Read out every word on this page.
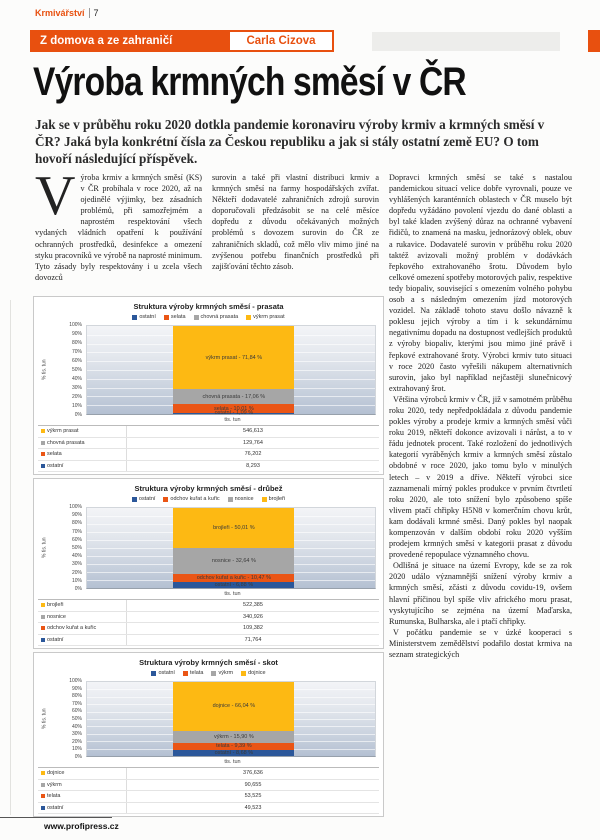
Krmivářství 7
Z domova a ze zahraničí	Carla Cizova
Výroba krmných směsí v ČR
Jak se v průběhu roku 2020 dotkla pandemie koronaviru výroby krmiv a krmných směsí v ČR? Jaká byla konkrétní čísla za Českou republiku a jak si stály ostatní země EU? O tom hovoří následující příspěvek.
Výroba krmiv a krmných směsí (KS) v ČR probíhala v roce 2020, až na ojedinělé výjimky, bez zásadních problémů, při samozřejmém a naprostém respektování všech vydaných vládních opatření k používání ochranných prostředků, desinfekce a omezení styku pracovníků ve výrobě na naprosté minimum. Tyto zásady byly respektovány i u zcela všech dovozců
surovin a také při vlastní distribuci krmiv a krmných směsí na farmy hospodářských zvířat. Někteří dodavatelé zahraničních zdrojů surovin doporučovali předzásobit se na celé měsíce dopředu z důvodu očekávaných možných problémů s dovozem surovin do ČR ze zahraničních skladů, což mělo vliv mimo jiné na zvýšenou potřebu finančních prostředků při zajišťování těchto zásob.

Dopravci krmných směsí se také s nastalou pandemickou situací velice dobře vyrovnali, pouze ve vyhlášených karanténních oblastech v ČR muselo být dopředu vyžádáno povolení vjezdu do dané oblasti a byl také kladen zvýšený důraz na ochranné vybavení řidičů, to znamená na masku, jednorázový oblek, obuv a rukavice. Dodavatelé surovin v průběhu roku 2020 taktéž avizovali možný problém v dodávkách řepkového extrahovaného šrotu. Důvodem bylo celkové omezení spotřeby motorových paliv, respektive tedy biopaliv, související s omezením volného pohybu osob a s následným omezením jízd motorových vozidel. Na základě tohoto stavu došlo návazně k poklesu jejich výroby a tím i k sekundárnímu negativnímu dopadu na dostupnost vedlejších produktů z výroby biopaliv, kterými jsou mimo jiné právě i řepkové extrahované šroty. Výrobci krmiv tuto situaci v roce 2020 často vyřešili nákupem alternativních surovin, jako byl například nejčastěji slunečnicový extrahovaný šrot.

Většina výrobců krmiv v ČR, již v samotném průběhu roku 2020, tedy nepředpokládala z důvodu pandemie pokles výroby a prodeje krmiv a krmných směsí vůči roku 2019, někteří dokonce avizovali i nárůst, a to v řádu jednotek procent. Také rozložení do jednotlivých kategorií vyráběných krmiv a krmných směsí zůstalo obdobné v roce 2020, jako tomu bylo v minulých letech – v 2019 a dříve. Někteří výrobci sice zaznamenali mírný pokles produkce v prvním čtvrtletí roku 2020, ale toto snížení bylo způsobeno spíše vlivem ptačí chřipky H5N8 v komerčním chovu krůt, kam dodávali krmné směsi. Daný pokles byl naopak kompenzován v dalším období roku 2020 vyšším prodejem krmných směsí v kategorii prasat z důvodu provedené repopulace významného chovu.

Odlišná je situace na území Evropy, kde se za rok 2020 událo významnější snížení výroby krmiv a krmných směsí, zčásti z důvodu covidu-19, ovšem hlavní příčinou byl spíše vliv afrického moru prasat, vyskytujícího se zejména na území Maďarska, Rumunska, Bulharska, ale i ptačí chřipky.

V počátku pandemie se v úzké kooperaci s Ministerstvem zemědělství podařilo dostat krmiva na seznam strategických

Struktura výroby krmných směsí - prasata
ostatní	selata	chovná prasata	výkrm prasat
% tis. tun
100%
90%
80%
70%
60%
50%
40%
30%
20%
10%
0%
výkrm prasat - 71,84 %
chovná prasata - 17,06 %
selata - 10,01 %
ostatní - 1,09 %
tis. tun
výkrm prasat	546,613
chovná prasata	129,764
selata	76,202
ostatní	8,293
Struktura výroby krmných směsí - drůbež
ostatní	odchov kuřat a kuřic	nosnice	brojleři
% tis. tun
100%
90%
80%
70%
60%
50%
40%
30%
20%
10%
0%
brojleři - 50,01 %
nosnice - 32,64 %
odchov kuřat a kuřic - 10,47 %
ostatní - 6,88 %
tis. tun
brojleři	522,385
nosnice	340,926
odchov kuřat a kuřic	109,382
ostatní	71,764
Struktura výroby krmných směsí - skot
ostatní	telata	výkrm	dojnice
% tis. tun
100%
90%
80%
70%
60%
50%
40%
30%
20%
10%
0%
dojnice - 66,04 %
výkrm - 15,90 %
telata - 9,39 %
ostatní - 8,68 %
tis. tun
dojnice	376,636
výkrm	90,655
telata	53,525
ostatní	49,523
www.profipress.cz
